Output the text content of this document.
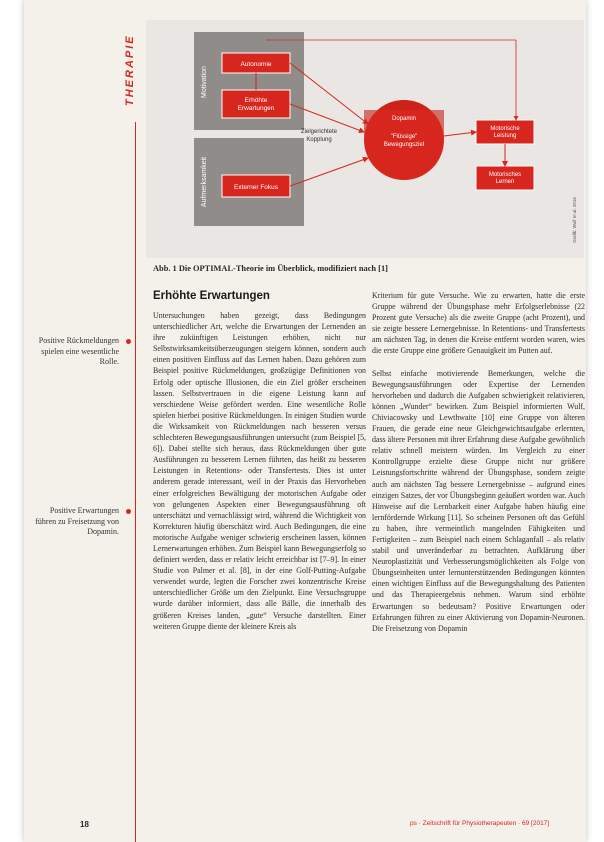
THERAPIE	Motivation
Aufmerksamkeit
Autonomie
Erhöhte Erwartungen
Externer Fokus
Dopamin
"Flüssige" Bewegungsziel
Zielgerichtete Kopplung
Motorische Leistung
Motorisches Lernen
Grafik: Wulf et al. 2016
Abb. 1 Die OPTIMAL-Theorie im Überblick, modifiziert nach [1]
Erhöhte Erwartungen
Positive Rückmeldungen spielen eine wesentliche Rolle.
Positive Erwartungen führen zu Freisetzung von Dopamin.

Untersuchungen haben gezeigt, dass Bedingungen unterschiedlicher Art, welche die Erwartungen der Lernenden an ihre zukünftigen Leistungen erhöhen, nicht nur Selbstwirksamkeitsüberzeugungen steigern können, sondern auch einen positiven Einfluss auf das Lernen haben. Dazu gehören zum Beispiel positive Rückmeldungen, großzügige Definitionen von Erfolg oder optische Illusionen, die ein Ziel größer erscheinen lassen. Selbstvertrauen in die eigene Leistung kann auf verschiedene Weise gefördert werden. Eine wesentliche Rolle spielen hierbei positive Rückmeldungen. In einigen Studien wurde die Wirksamkeit von Rückmeldungen nach besseren versus schlechteren Bewegungsausführungen untersucht (zum Beispiel [5, 6]). Dabei stellte sich heraus, dass Rückmeldungen über gute Ausführungen zu besserem Lernen führten, das heißt zu besseren Leistungen in Retentions- oder Transfertests. Dies ist unter anderem gerade interessant, weil in der Praxis das Hervorheben einer erfolgreichen Bewältigung der motorischen Aufgabe oder von gelungenen Aspekten einer Bewegungsausführung oft unterschätzt und vernachlässigt wird, während die Wichtigkeit von Korrekturen häufig überschätzt wird. Auch Bedingungen, die eine motorische Aufgabe weniger schwierig erscheinen lassen, können Lernerwartungen erhöhen. Zum Beispiel kann Bewegungserfolg so definiert werden, dass er relativ leicht erreichbar ist [7–9]. In einer Studie von Palmer et al. [8], in der eine Golf-Putting-Aufgabe verwendet wurde, legten die Forscher zwei konzentrische Kreise unterschiedlicher Größe um den Zielpunkt. Eine Versuchsgruppe wurde darüber informiert, dass alle Bälle, die innerhalb des größeren Kreises landen, „gute“ Versuche darstellten. Einer weiteren Gruppe diente der kleinere Kreis als

Kriterium für gute Versuche. Wie zu erwarten, hatte die erste Gruppe während der Übungsphase mehr Erfolgserlebnisse (22 Prozent gute Versuche) als die zweite Gruppe (acht Prozent), und sie zeigte bessere Lernergebnisse. In Retentions- und Transfertests am nächsten Tag, in denen die Kreise entfernt worden waren, wies die erste Gruppe eine größere Genauigkeit im Putten auf.

Selbst einfache motivierende Bemerkungen, welche die Bewegungsausführungen oder Expertise der Lernenden hervorheben und dadurch die Aufgaben schwierigkeit relativieren, können „Wunder“ bewirken. Zum Beispiel informierten Wulf, Chiviacowsky und Lewthwaite [10] eine Gruppe von älteren Frauen, die gerade eine neue Gleichgewichtsaufgabe erlernten, dass ältere Personen mit ihrer Erfahrung diese Aufgabe gewöhnlich relativ schnell meistern würden. Im Vergleich zu einer Kontrollgruppe erzielte diese Gruppe nicht nur größere Leistungsfortschritte während der Übungsphase, sondern zeigte auch am nächsten Tag bessere Lernergebnisse – aufgrund eines einzigen Satzes, der vor Übungsbeginn geäußert worden war. Auch Hinweise auf die Lernbarkeit einer Aufgabe haben häufig eine lernfördernde Wirkung [11]. So scheinen Personen oft das Gefühl zu haben, ihre vermeintlich mangelnden Fähigkeiten und Fertigkeiten – zum Beispiel nach einem Schlaganfall – als relativ stabil und unveränderbar zu betrachten. Aufklärung über Neuroplastizität und Verbesserungsmöglichkeiten als Folge von Übungseinheiten unter lernunterstützenden Bedingungen könnten einen wichtigen Einfluss auf die Bewegungshaltung des Patienten und das Therapieergebnis nehmen. Warum sind erhöhte Erwartungen so bedeutsam? Positive Erwartungen oder Erfahrungen führen zu einer Aktivierung von Dopamin-Neuronen. Die Freisetzung von Dopamin

18	ps · Zeitschrift für Physiotherapeuten · 69 [2017]
